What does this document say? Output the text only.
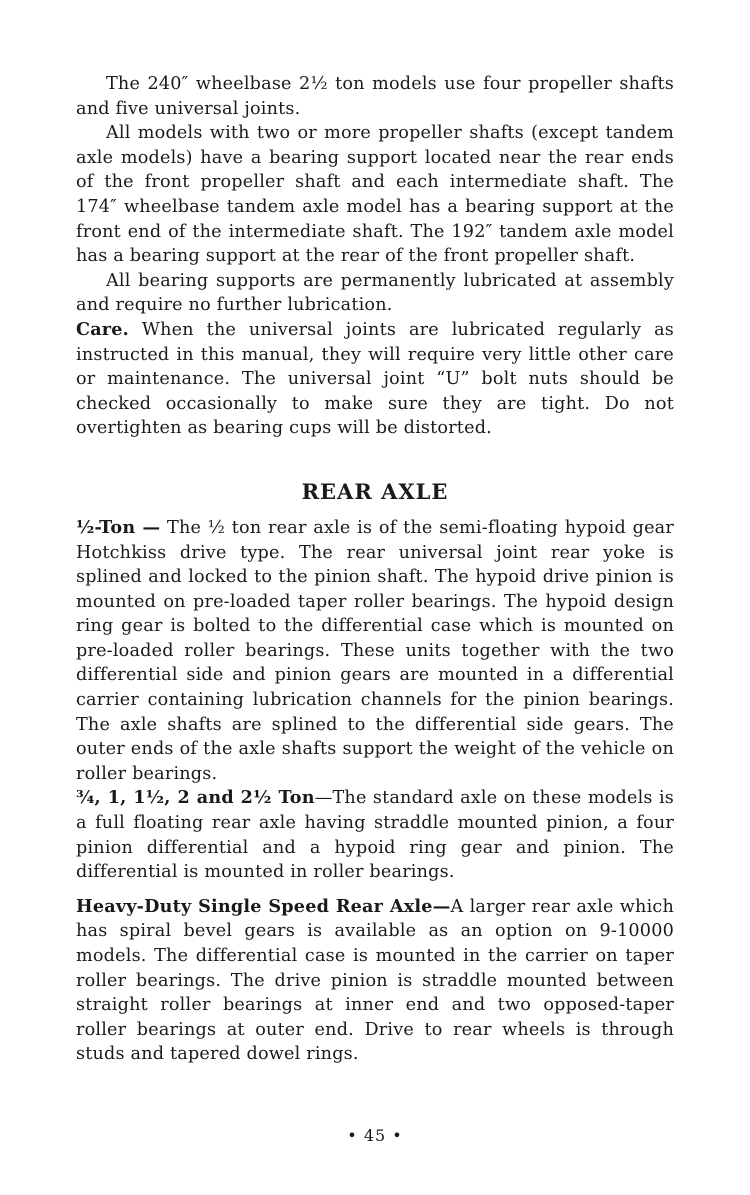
The 240″ wheelbase 2½ ton models use four propeller shafts and five universal joints.

All models with two or more propeller shafts (except tandem axle models) have a bearing support located near the rear ends of the front propeller shaft and each intermediate shaft. The 174″ wheelbase tandem axle model has a bearing support at the front end of the intermediate shaft. The 192″ tandem axle model has a bearing support at the rear of the front propeller shaft.

All bearing supports are permanently lubricated at assembly and require no further lubrication.

Care. When the universal joints are lubricated regularly as instructed in this manual, they will require very little other care or maintenance. The universal joint “U” bolt nuts should be checked occasionally to make sure they are tight. Do not overtighten as bearing cups will be distorted.

REAR AXLE

½-Ton — The ½ ton rear axle is of the semi-floating hypoid gear Hotchkiss drive type. The rear universal joint rear yoke is splined and locked to the pinion shaft. The hypoid drive pinion is mounted on pre-loaded taper roller bearings. The hypoid design ring gear is bolted to the differential case which is mounted on pre-loaded roller bearings. These units together with the two differential side and pinion gears are mounted in a differential carrier containing lubrication channels for the pinion bearings. The axle shafts are splined to the differential side gears. The outer ends of the axle shafts support the weight of the vehicle on roller bearings.

¾, 1, 1½, 2 and 2½ Ton—The standard axle on these models is a full floating rear axle having straddle mounted pinion, a four pinion differential and a hypoid ring gear and pinion. The differential is mounted in roller bearings.

Heavy-Duty Single Speed Rear Axle—A larger rear axle which has spiral bevel gears is available as an option on 9-10000 models. The differential case is mounted in the carrier on taper roller bearings. The drive pinion is straddle mounted between straight roller bearings at inner end and two opposed-taper roller bearings at outer end. Drive to rear wheels is through studs and tapered dowel rings.

• 45 •
